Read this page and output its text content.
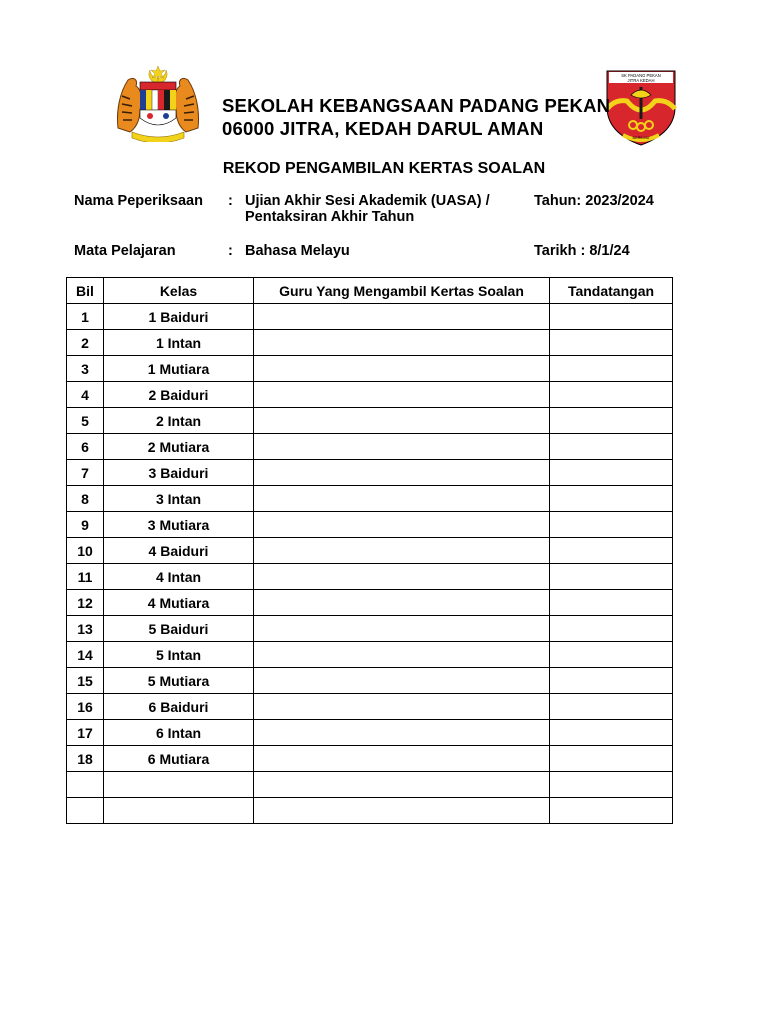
SK PADANG PEKAN
JITRA KEDAH
BERILMU
SEKOLAH KEBANGSAAN PADANG PEKAN
06000 JITRA, KEDAH DARUL AMAN
REKOD PENGAMBILAN KERTAS SOALAN
Nama Peperiksaan : Ujian Akhir Sesi Akademik (UASA) /
Pentaksiran Akhir Tahun
Tahun: 2023/2024
Mata Pelajaran	: Bahasa Melayu	Tarikh : 8/1/24
Bil	Kelas	Guru Yang Mengambil Kertas Soalan	Tandatangan
1	1 Baiduri		
2	1 Intan		
3	1 Mutiara		
4	2 Baiduri		
5	2 Intan		
6	2 Mutiara		
7	3 Baiduri		
8	3 Intan		
9	3 Mutiara		
10	4 Baiduri		
11	4 Intan		
12	4 Mutiara		
13	5 Baiduri		
14	5 Intan		
15	5 Mutiara		
16	6 Baiduri		
17	6 Intan		
18	6 Mutiara		
